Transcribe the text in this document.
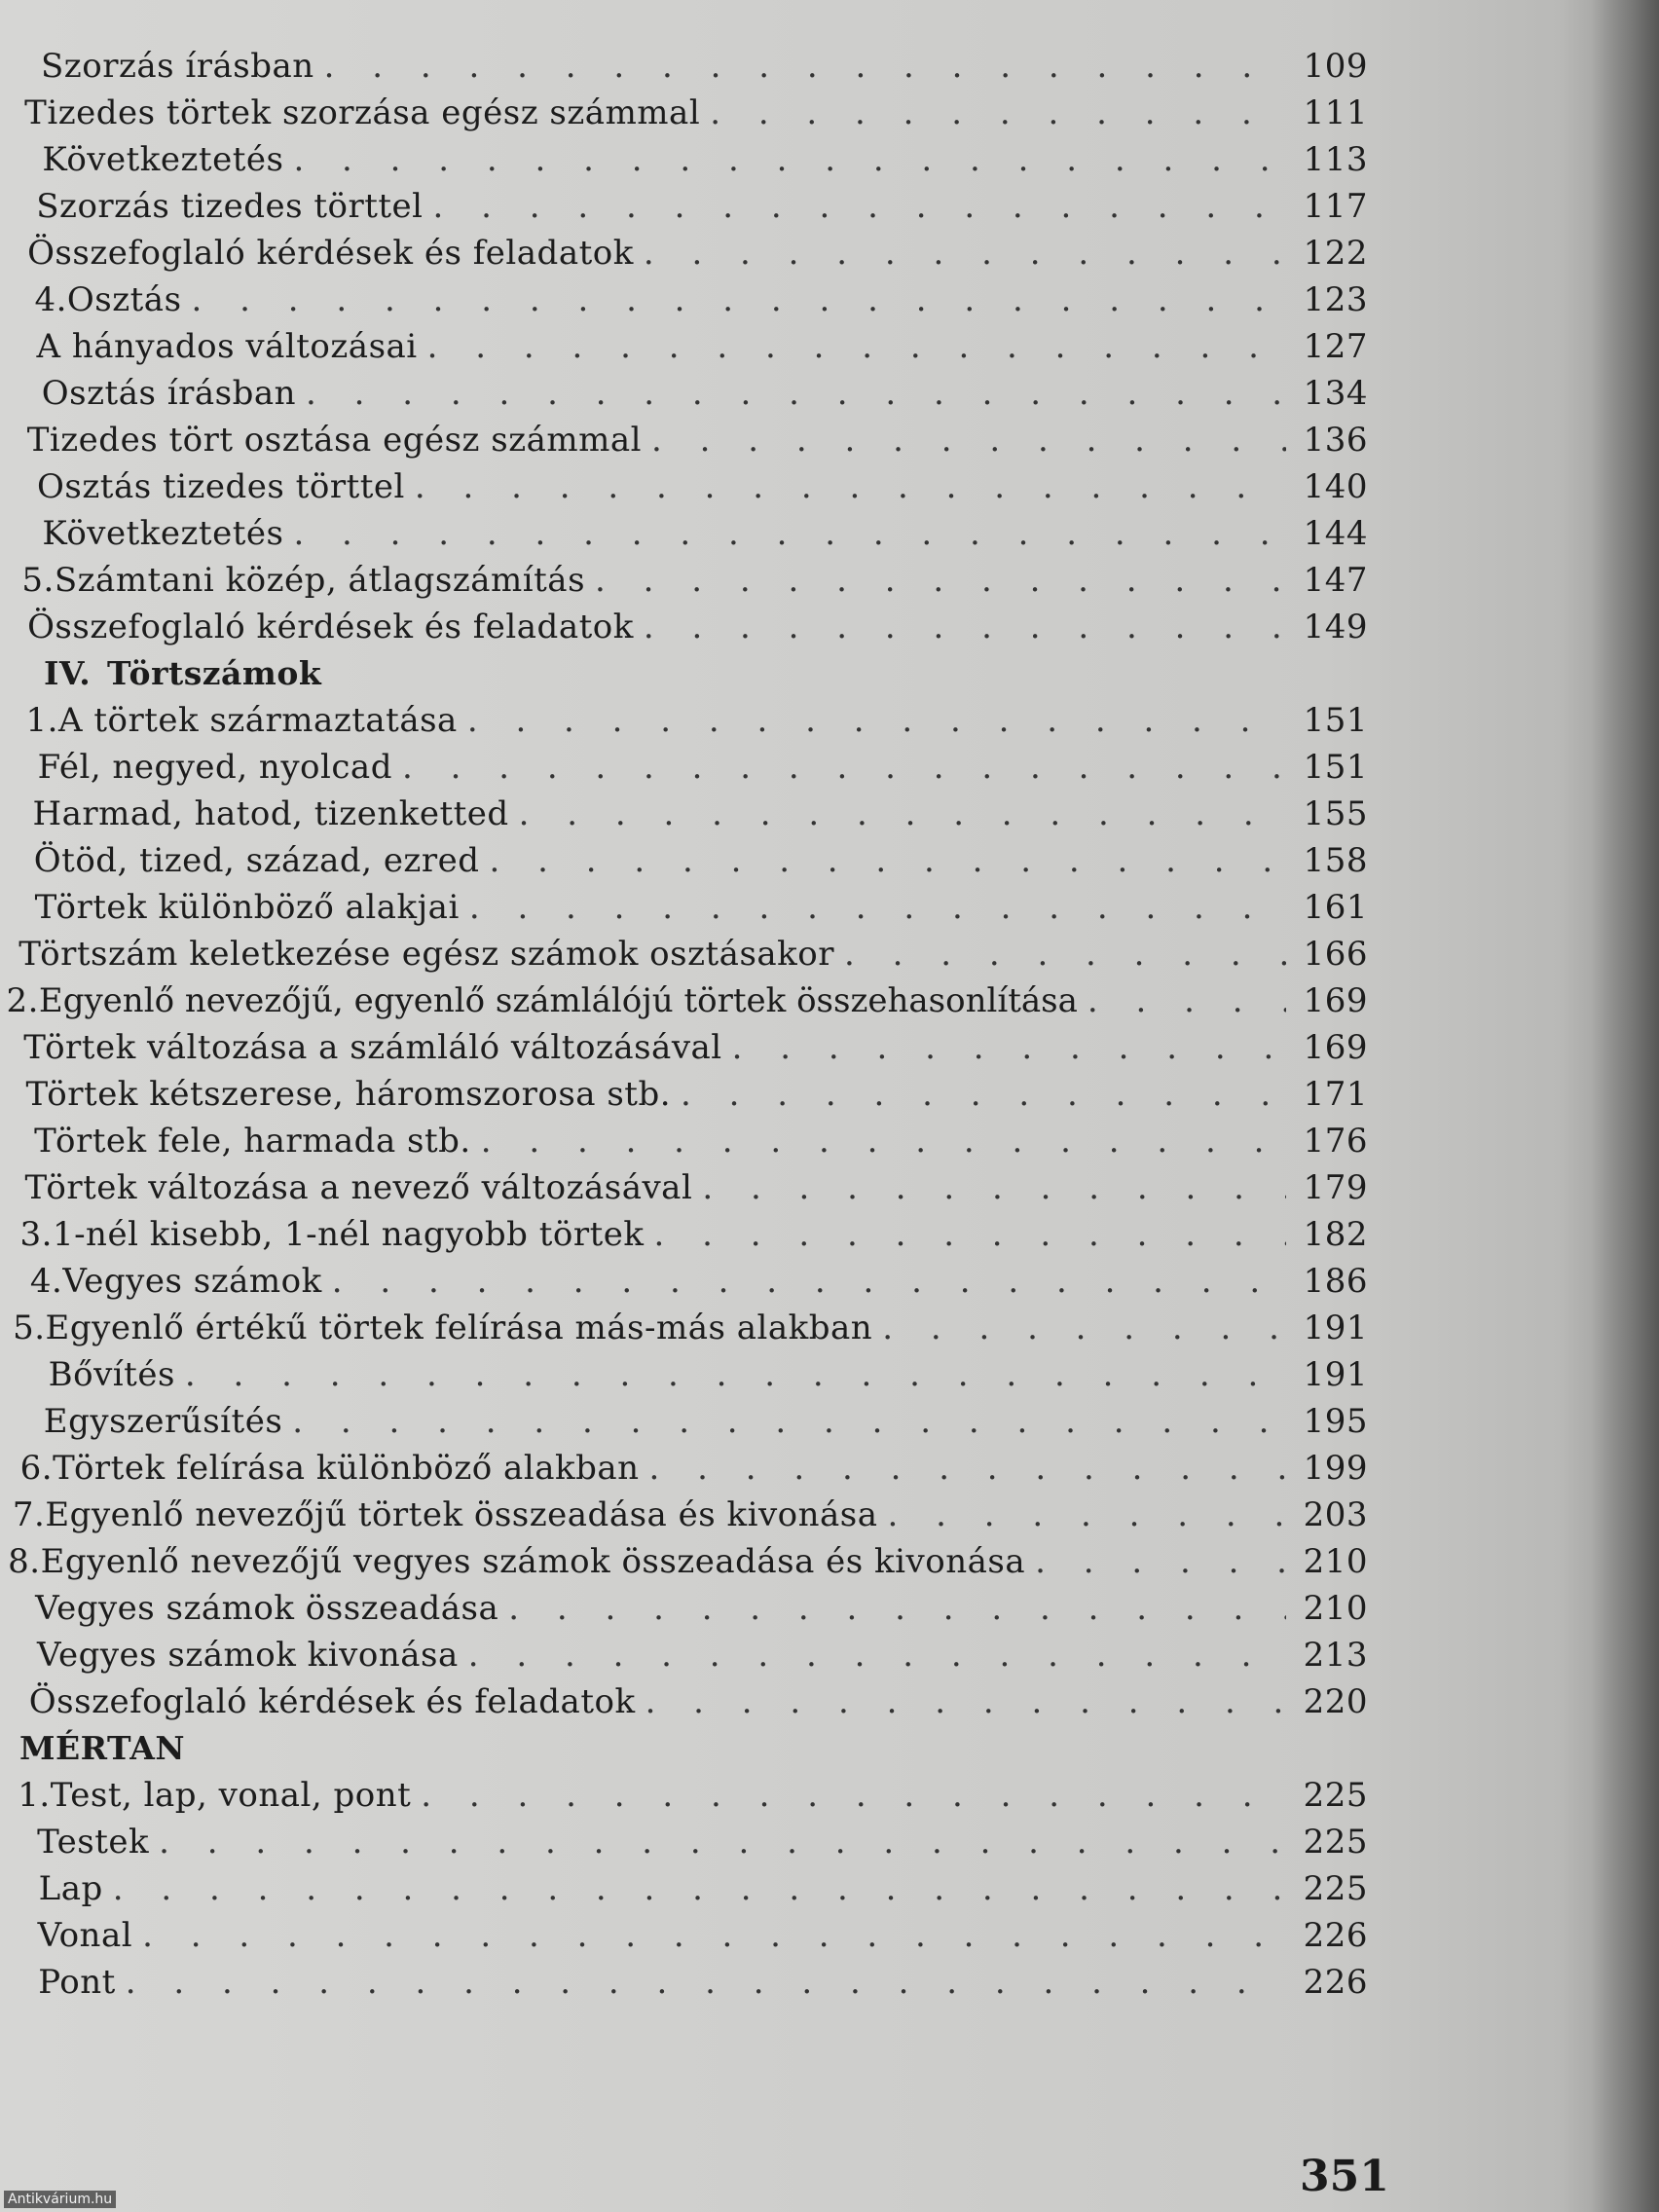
Szorzás írásban . . .	109
Tizedes törtek szorzása egész számmal . . .	111
Következtetés . . .	113
Szorzás tizedes törttel . . .	117
Összefoglaló kérdések és feladatok . . .	122
4. Osztás . . .	123
A hányados változásai . . .	127
Osztás írásban . . .	134
Tizedes tört osztása egész számmal . . .	136
Osztás tizedes törttel . . .	140
Következtetés . . .	144
5. Számtani közép, átlagszámítás . . .	147
Összefoglaló kérdések és feladatok . . .	149
IV. Törtszámok
1. A törtek származtatása . . .	151
Fél, negyed, nyolcad . . .	151
Harmad, hatod, tizenketted . . .	155
Ötöd, tized, század, ezred . . .	158
Törtek különböző alakjai . . .	161
Törtszám keletkezése egész számok osztásakor . . .	166
2. Egyenlő nevezőjű, egyenlő számlálójú törtek összehasonlítása . . .	169
Törtek változása a számláló változásával . . .	169
Törtek kétszerese, háromszorosa stb. . . .	171
Törtek fele, harmada stb. . . .	176
Törtek változása a nevező változásával . . .	179
3. 1-nél kisebb, 1-nél nagyobb törtek . . .	182
4. Vegyes számok . . .	186
5. Egyenlő értékű törtek felírása más-más alakban . . .	191
Bővítés . . .	191
Egyszerűsítés . . .	195
6. Törtek felírása különböző alakban . . .	199
7. Egyenlő nevezőjű törtek összeadása és kivonása . . .	203
8. Egyenlő nevezőjű vegyes számok összeadása és kivonása . . .	210
Vegyes számok összeadása . . .	210
Vegyes számok kivonása . . .	213
Összefoglaló kérdések és feladatok . . .	220
MÉRTAN
1. Test, lap, vonal, pont . . .	225
Testek . . .	225
Lap . . .	225
Vonal . . .	226
Pont . . .	226
351
Antikvárium.hu
